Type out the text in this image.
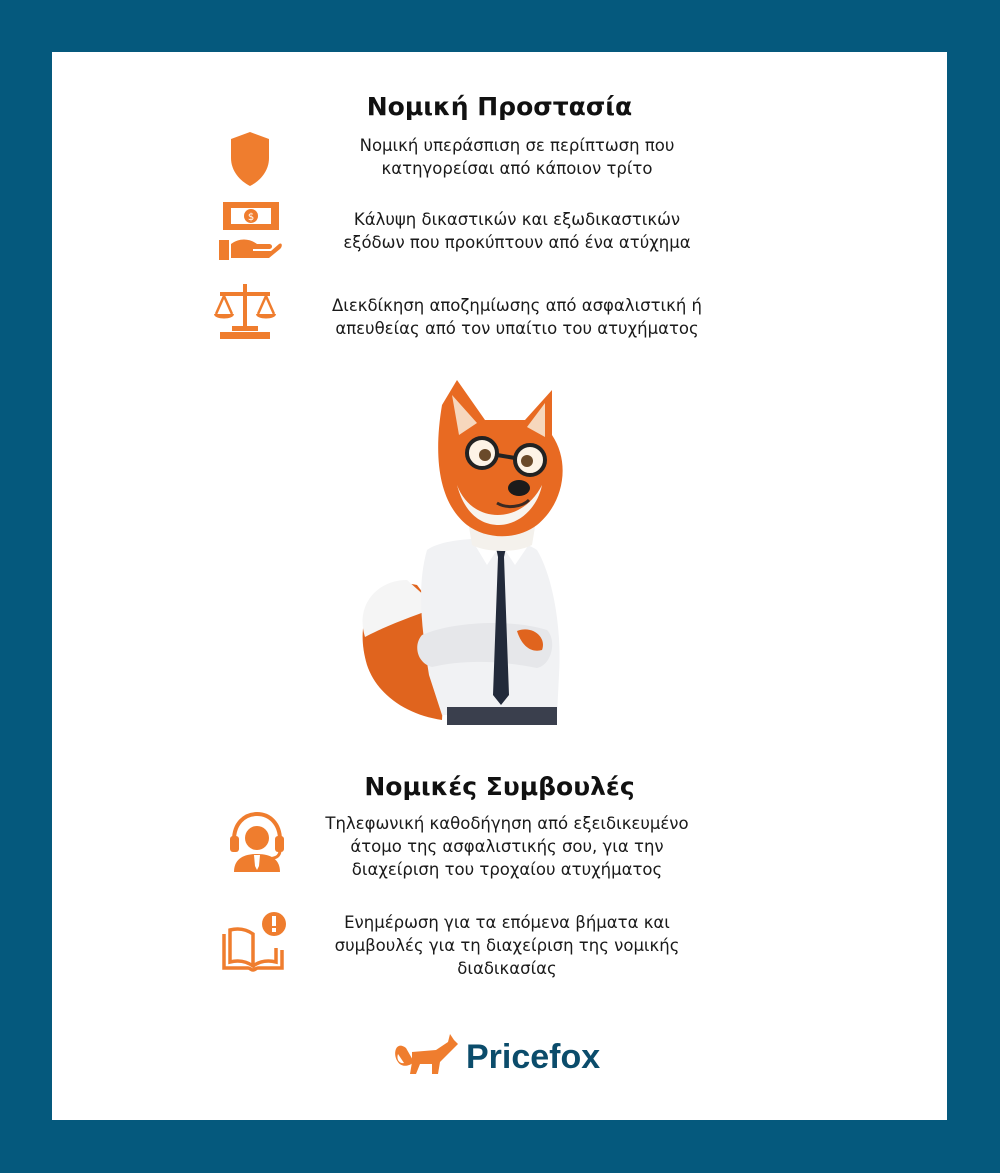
Νομική Προστασία
Νομική υπεράσπιση σε περίπτωση που
κατηγορείσαι από κάποιον τρίτο
$	Κάλυψη δικαστικών και εξωδικαστικών
εξόδων που προκύπτουν από ένα ατύχημα
Διεκδίκηση αποζημίωσης από ασφαλιστική ή
απευθείας από τον υπαίτιο του ατυχήματος
Νομικές Συμβουλές
Τηλεφωνική καθοδήγηση από εξειδικευμένο
άτομο της ασφαλιστικής σου, για την
διαχείριση του τροχαίου ατυχήματος
Ενημέρωση για τα επόμενα βήματα και
συμβουλές για τη διαχείριση της νομικής
διαδικασίας
Pricefox
